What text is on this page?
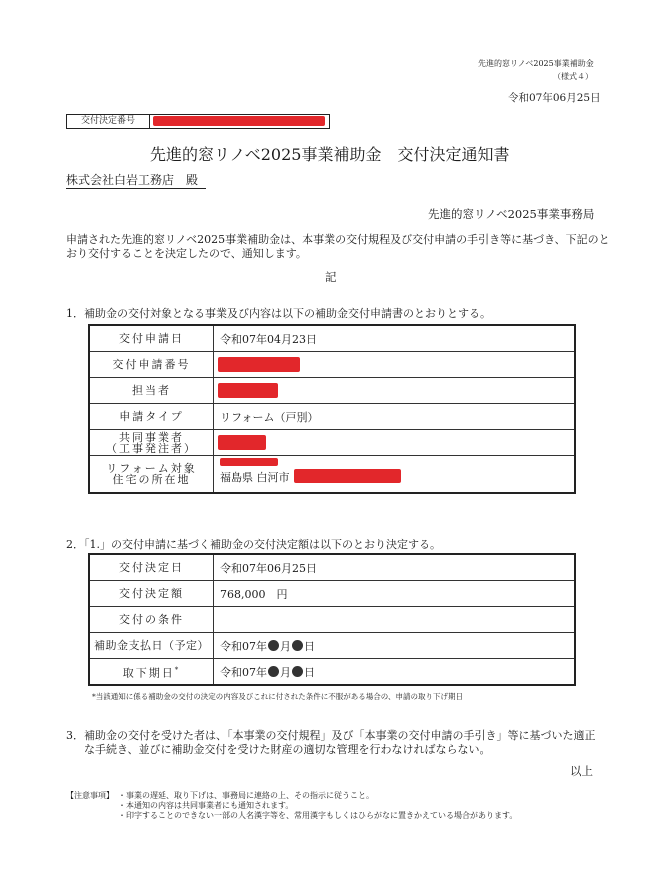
先進的窓リノベ2025事業補助金
（様式４）
令和07年06月25日
交付決定番号
先進的窓リノベ2025事業補助金　交付決定通知書
株式会社白岩工務店　殿
先進的窓リノベ2025事業事務局
申請された先進的窓リノベ2025事業補助金は、本事業の交付規程及び交付申請の手引き等に基づき、下記のと
おり交付することを決定したので、通知します。
記
1．補助金の交付対象となる事業及び内容は以下の補助金交付申請書のとおりとする。
交付申請日	令和07年04月23日
交付申請番号	

担当者	

申請タイプ	リフォーム（戸別）

共同事業者
（工事発注者）	

リフォーム対象
住宅の所在地	福島県 白河市
2．「1.」の交付申請に基づく補助金の交付決定額は以下のとおり決定する。
交付決定日	令和07年06月25日
交付決定額	768,000　円
交付の条件	
補助金支払日（予定）	令和07年 月 日
取下期日*	令和07年 月 日
*当該通知に係る補助金の交付の決定の内容及びこれに付された条件に不服がある場合の、申請の取り下げ期日
3．補助金の交付を受けた者は、「本事業の交付規程」及び「本事業の交付申請の手引き」等に基づいた適正
な手続き、並びに補助金交付を受けた財産の適切な管理を行わなければならない。
以上
【注意事項】 ・事業の遅延、取り下げは、事務局に連絡の上、その指示に従うこと。
・本通知の内容は共同事業者にも通知されます。
・印字することのできない一部の人名漢字等を、常用漢字もしくはひらがなに置きかえている場合があります。
